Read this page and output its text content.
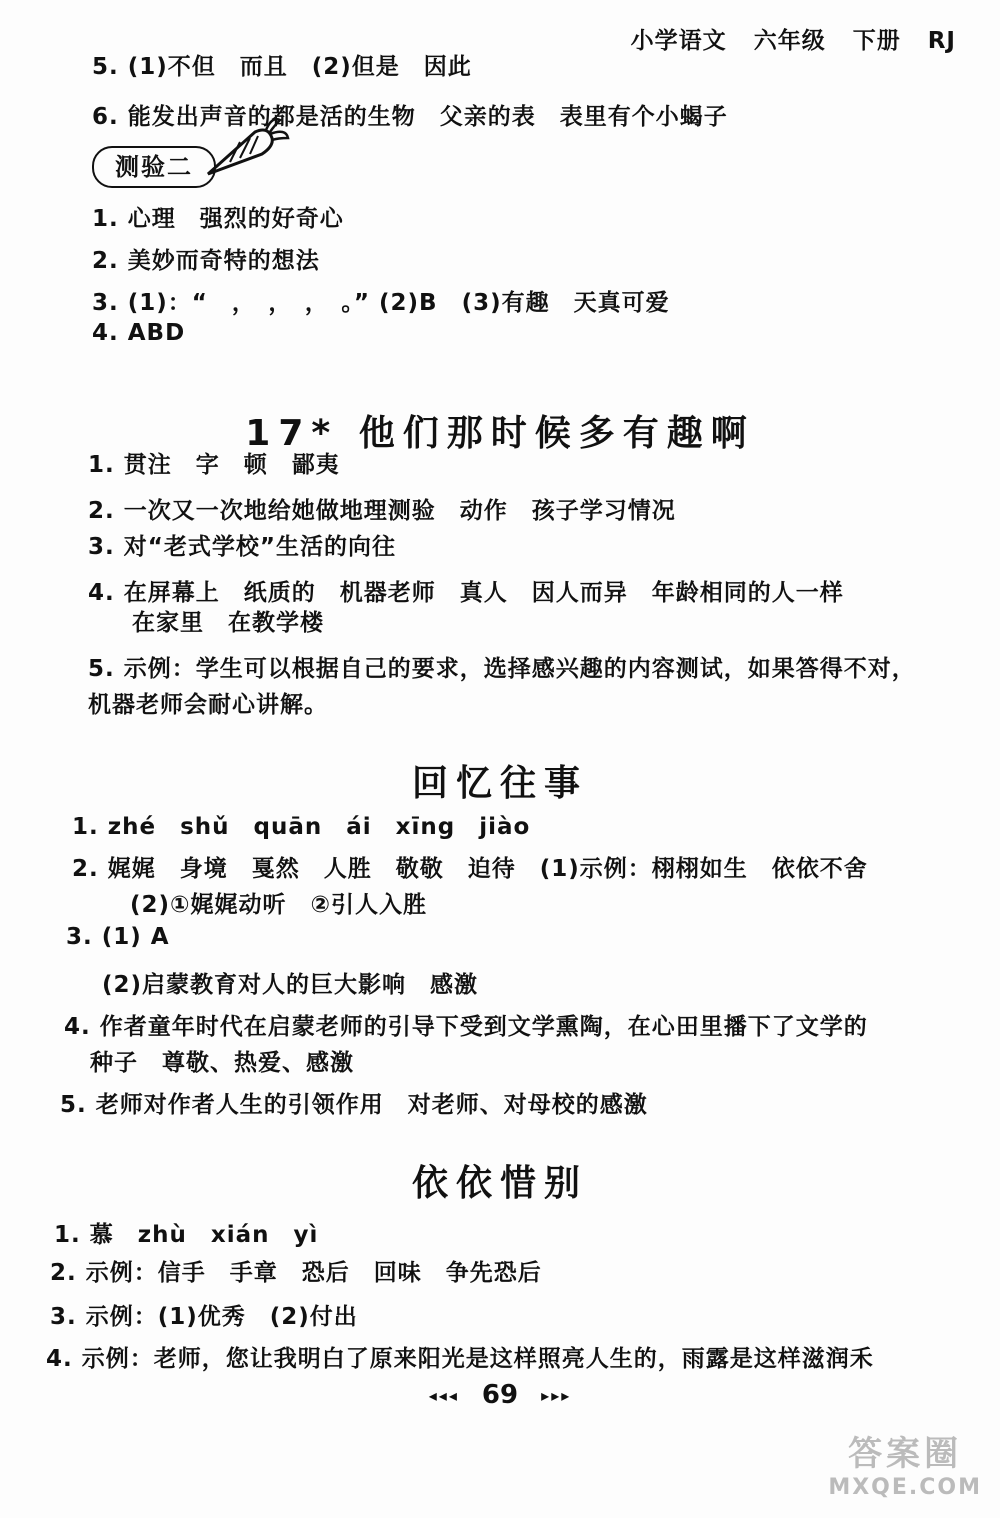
小学语文 六年级 下册 RJ
5. (1)不但　而且　(2)但是　因此
6. 能发出声音的都是活的生物　父亲的表　表里有个小蝎子
测验二
1. 心理　强烈的好奇心
2. 美妙而奇特的想法
3. (1)：“　，　，　，　。” (2)B　(3)有趣　天真可爱
4. ABD
17* 他们那时候多有趣啊
1. 贯注　字　顿　鄙夷
2. 一次又一次地给她做地理测验　动作　孩子学习情况
3. 对“老式学校”生活的向往
4. 在屏幕上　纸质的　机器老师　真人　因人而异　年龄相同的人一样
　在家里　在教学楼
5. 示例：学生可以根据自己的要求，选择感兴趣的内容测试，如果答得不对，
机器老师会耐心讲解。
回忆往事
1. zhé　shǔ　quān　ái　xīng　jiào
2. 娓娓　身境　戛然　人胜　敬敬　迫待　(1)示例：栩栩如生　依依不舍
(2)①娓娓动听　②引人入胜
3. (1) A
(2)启蒙教育对人的巨大影响　感激
4. 作者童年时代在启蒙老师的引导下受到文学熏陶，在心田里播下了文学的
种子　尊敬、热爱、感激
5. 老师对作者人生的引领作用　对老师、对母校的感激
依依惜别
1. 慕　zhù　xián　yì
2. 示例：信手　手章　恐后　回味　争先恐后
3. 示例：(1)优秀　(2)付出
4. 示例：老师，您让我明白了原来阳光是这样照亮人生的，雨露是这样滋润禾
◂◂◂ 69 ▸▸▸
答案圈
MXQE.COM
